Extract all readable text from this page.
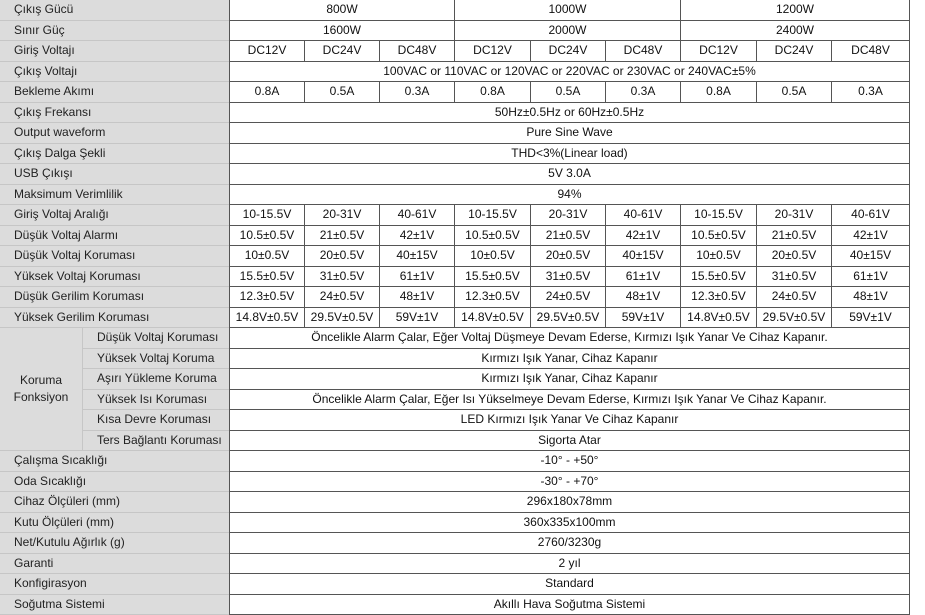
Çıkış Gücü	800W	1000W	1200W
Sınır Güç	1600W	2000W	2400W
Giriş Voltajı	DC12V	DC24V	DC48V	DC12V	DC24V	DC48V	DC12V	DC24V	DC48V
Çıkış Voltajı	100VAC or 110VAC or 120VAC or 220VAC or 230VAC or 240VAC±5%
Bekleme Akımı	0.8A	0.5A	0.3A	0.8A	0.5A	0.3A	0.8A	0.5A	0.3A
Çıkış Frekansı	50Hz±0.5Hz or 60Hz±0.5Hz
Output waveform	Pure Sine Wave
Çıkış Dalga Şekli	THD<3%(Linear load)
USB Çıkışı	5V 3.0A
Maksimum Verimlilik	94%
Giriş Voltaj Aralığı	10-15.5V	20-31V	40-61V	10-15.5V	20-31V	40-61V	10-15.5V	20-31V	40-61V
Düşük Voltaj Alarmı	10.5±0.5V	21±0.5V	42±1V	10.5±0.5V	21±0.5V	42±1V	10.5±0.5V	21±0.5V	42±1V
Düşük Voltaj Koruması	10±0.5V	20±0.5V	40±15V	10±0.5V	20±0.5V	40±15V	10±0.5V	20±0.5V	40±15V
Yüksek Voltaj Koruması	15.5±0.5V	31±0.5V	61±1V	15.5±0.5V	31±0.5V	61±1V	15.5±0.5V	31±0.5V	61±1V
Düşük Gerilim Koruması	12.3±0.5V	24±0.5V	48±1V	12.3±0.5V	24±0.5V	48±1V	12.3±0.5V	24±0.5V	48±1V
Yüksek Gerilim Koruması	14.8V±0.5V	29.5V±0.5V	59V±1V	14.8V±0.5V	29.5V±0.5V	59V±1V	14.8V±0.5V	29.5V±0.5V	59V±1V
Koruma Fonksiyon
Düşük Voltaj Koruması	Öncelikle Alarm Çalar, Eğer Voltaj Düşmeye Devam Ederse, Kırmızı Işık Yanar Ve Cihaz Kapanır.
Yüksek Voltaj Koruma	Kırmızı Işık Yanar, Cihaz Kapanır
Aşırı Yükleme Koruma	Kırmızı Işık Yanar, Cihaz Kapanır
Yüksek Isı Koruması	Öncelikle Alarm Çalar, Eğer Isı Yükselmeye Devam Ederse, Kırmızı Işık Yanar Ve Cihaz Kapanır.
Kısa Devre Koruması	LED Kırmızı Işık Yanar Ve Cihaz Kapanır
Ters Bağlantı Koruması	Sigorta Atar
Çalışma Sıcaklığı	-10° - +50°
Oda Sıcaklığı	-30° - +70°
Cihaz Ölçüleri (mm)	296x180x78mm
Kutu Ölçüleri (mm)	360x335x100mm
Net/Kutulu Ağırlık (g)	2760/3230g
Garanti	2 yıl
Konfigirasyon	Standard
Soğutma Sistemi	Akıllı Hava Soğutma Sistemi
